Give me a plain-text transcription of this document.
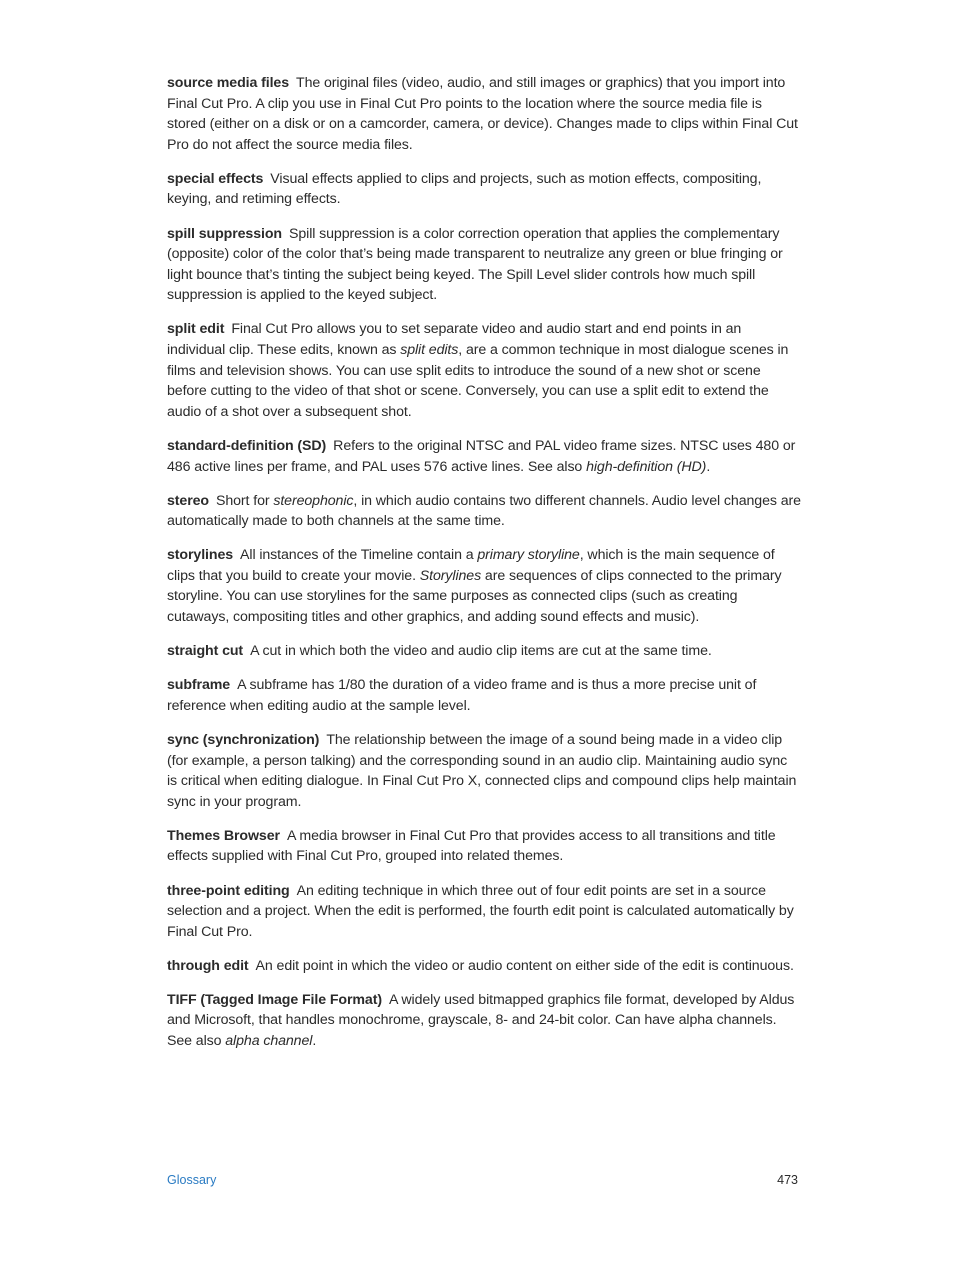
source media files The original files (video, audio, and still images or graphics) that you import into Final Cut Pro. A clip you use in Final Cut Pro points to the location where the source media file is stored (either on a disk or on a camcorder, camera, or device). Changes made to clips within Final Cut Pro do not affect the source media files.

special effects Visual effects applied to clips and projects, such as motion effects, compositing, keying, and retiming effects.

spill suppression Spill suppression is a color correction operation that applies the complementary (opposite) color of the color that’s being made transparent to neutralize any green or blue fringing or light bounce that’s tinting the subject being keyed. The Spill Level slider controls how much spill suppression is applied to the keyed subject.

split edit Final Cut Pro allows you to set separate video and audio start and end points in an individual clip. These edits, known as split edits, are a common technique in most dialogue scenes in films and television shows. You can use split edits to introduce the sound of a new shot or scene before cutting to the video of that shot or scene. Conversely, you can use a split edit to extend the audio of a shot over a subsequent shot.

standard-definition (SD) Refers to the original NTSC and PAL video frame sizes. NTSC uses 480 or 486 active lines per frame, and PAL uses 576 active lines. See also high-definition (HD).

stereo Short for stereophonic, in which audio contains two different channels. Audio level changes are automatically made to both channels at the same time.

storylines All instances of the Timeline contain a primary storyline, which is the main sequence of clips that you build to create your movie. Storylines are sequences of clips connected to the primary storyline. You can use storylines for the same purposes as connected clips (such as creating cutaways, compositing titles and other graphics, and adding sound effects and music).

straight cut A cut in which both the video and audio clip items are cut at the same time.

subframe A subframe has 1/80 the duration of a video frame and is thus a more precise unit of reference when editing audio at the sample level.

sync (synchronization) The relationship between the image of a sound being made in a video clip (for example, a person talking) and the corresponding sound in an audio clip. Maintaining audio sync is critical when editing dialogue. In Final Cut Pro X, connected clips and compound clips help maintain sync in your program.

Themes Browser A media browser in Final Cut Pro that provides access to all transitions and title effects supplied with Final Cut Pro, grouped into related themes.

three-point editing An editing technique in which three out of four edit points are set in a source selection and a project. When the edit is performed, the fourth edit point is calculated automatically by Final Cut Pro.

through edit An edit point in which the video or audio content on either side of the edit is continuous.

TIFF (Tagged Image File Format) A widely used bitmapped graphics file format, developed by Aldus and Microsoft, that handles monochrome, grayscale, 8- and 24-bit color. Can have alpha channels. See also alpha channel.

Glossary	473
